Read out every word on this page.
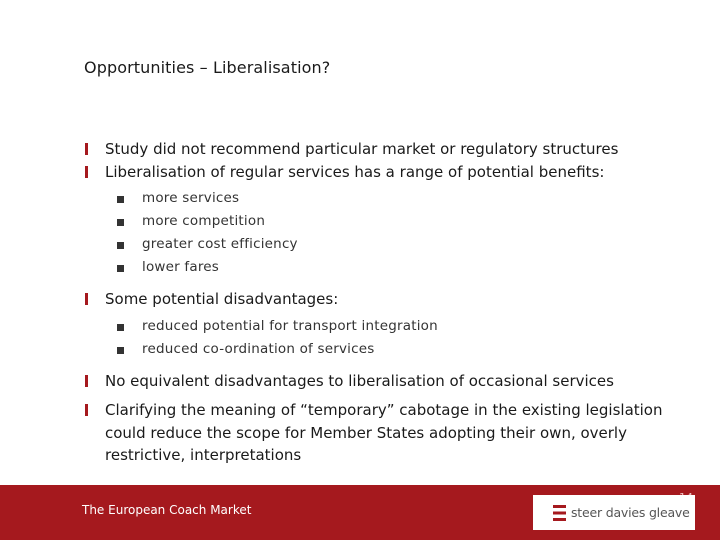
Opportunities – Liberalisation?
Study did not recommend particular market or regulatory structures
Liberalisation of regular services has a range of potential benefits:
more services
more competition
greater cost efficiency
lower fares
Some potential disadvantages:
reduced potential for transport integration
reduced co-ordination of services
No equivalent disadvantages to liberalisation of occasional services
Clarifying the meaning of “temporary” cabotage in the existing legislation could reduce the scope for Member States adopting their own, overly restrictive, interpretations
The European Coach Market	steer davies gleave
